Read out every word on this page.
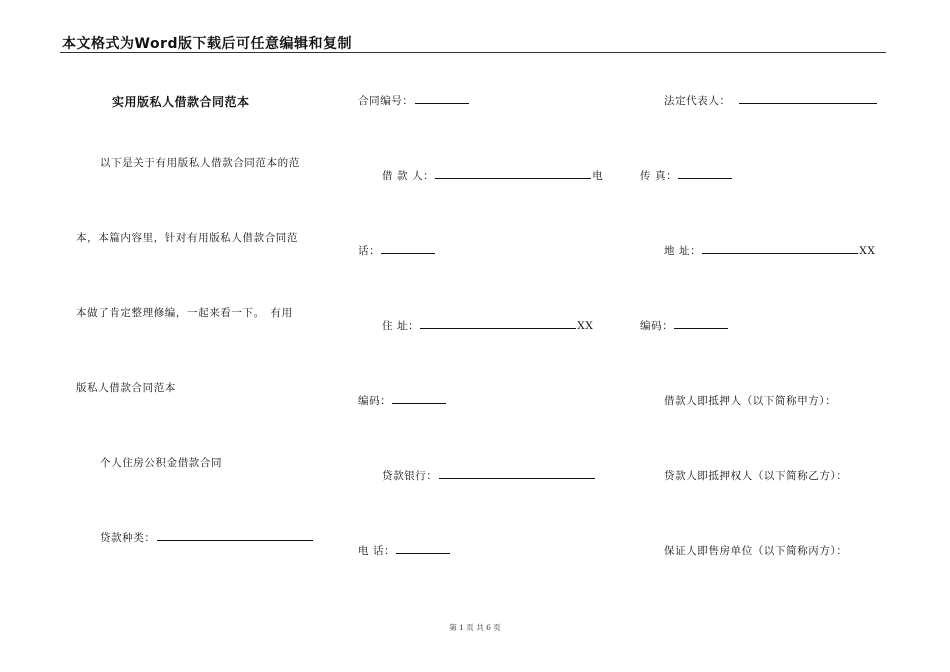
本文格式为Word版下载后可任意编辑和复制
实用版私人借款合同范本
以下是关于有用版私人借款合同范本的范
本，本篇内容里，针对有用版私人借款合同范
本做了肯定整理修编，一起来看一下。　有用
版私人借款合同范本
个人住房公积金借款合同
贷款种类：
合同编号：
借 款 人：	电
话：
住 址：	XX
编码：
贷款银行：
电 话：
法定代表人：
传 真：
地 址：	XX
编码：
借款人即抵押人（以下简称甲方）：
贷款人即抵押权人（以下简称乙方）：
保证人即售房单位（以下简称丙方）：
第 1 页 共 6 页
